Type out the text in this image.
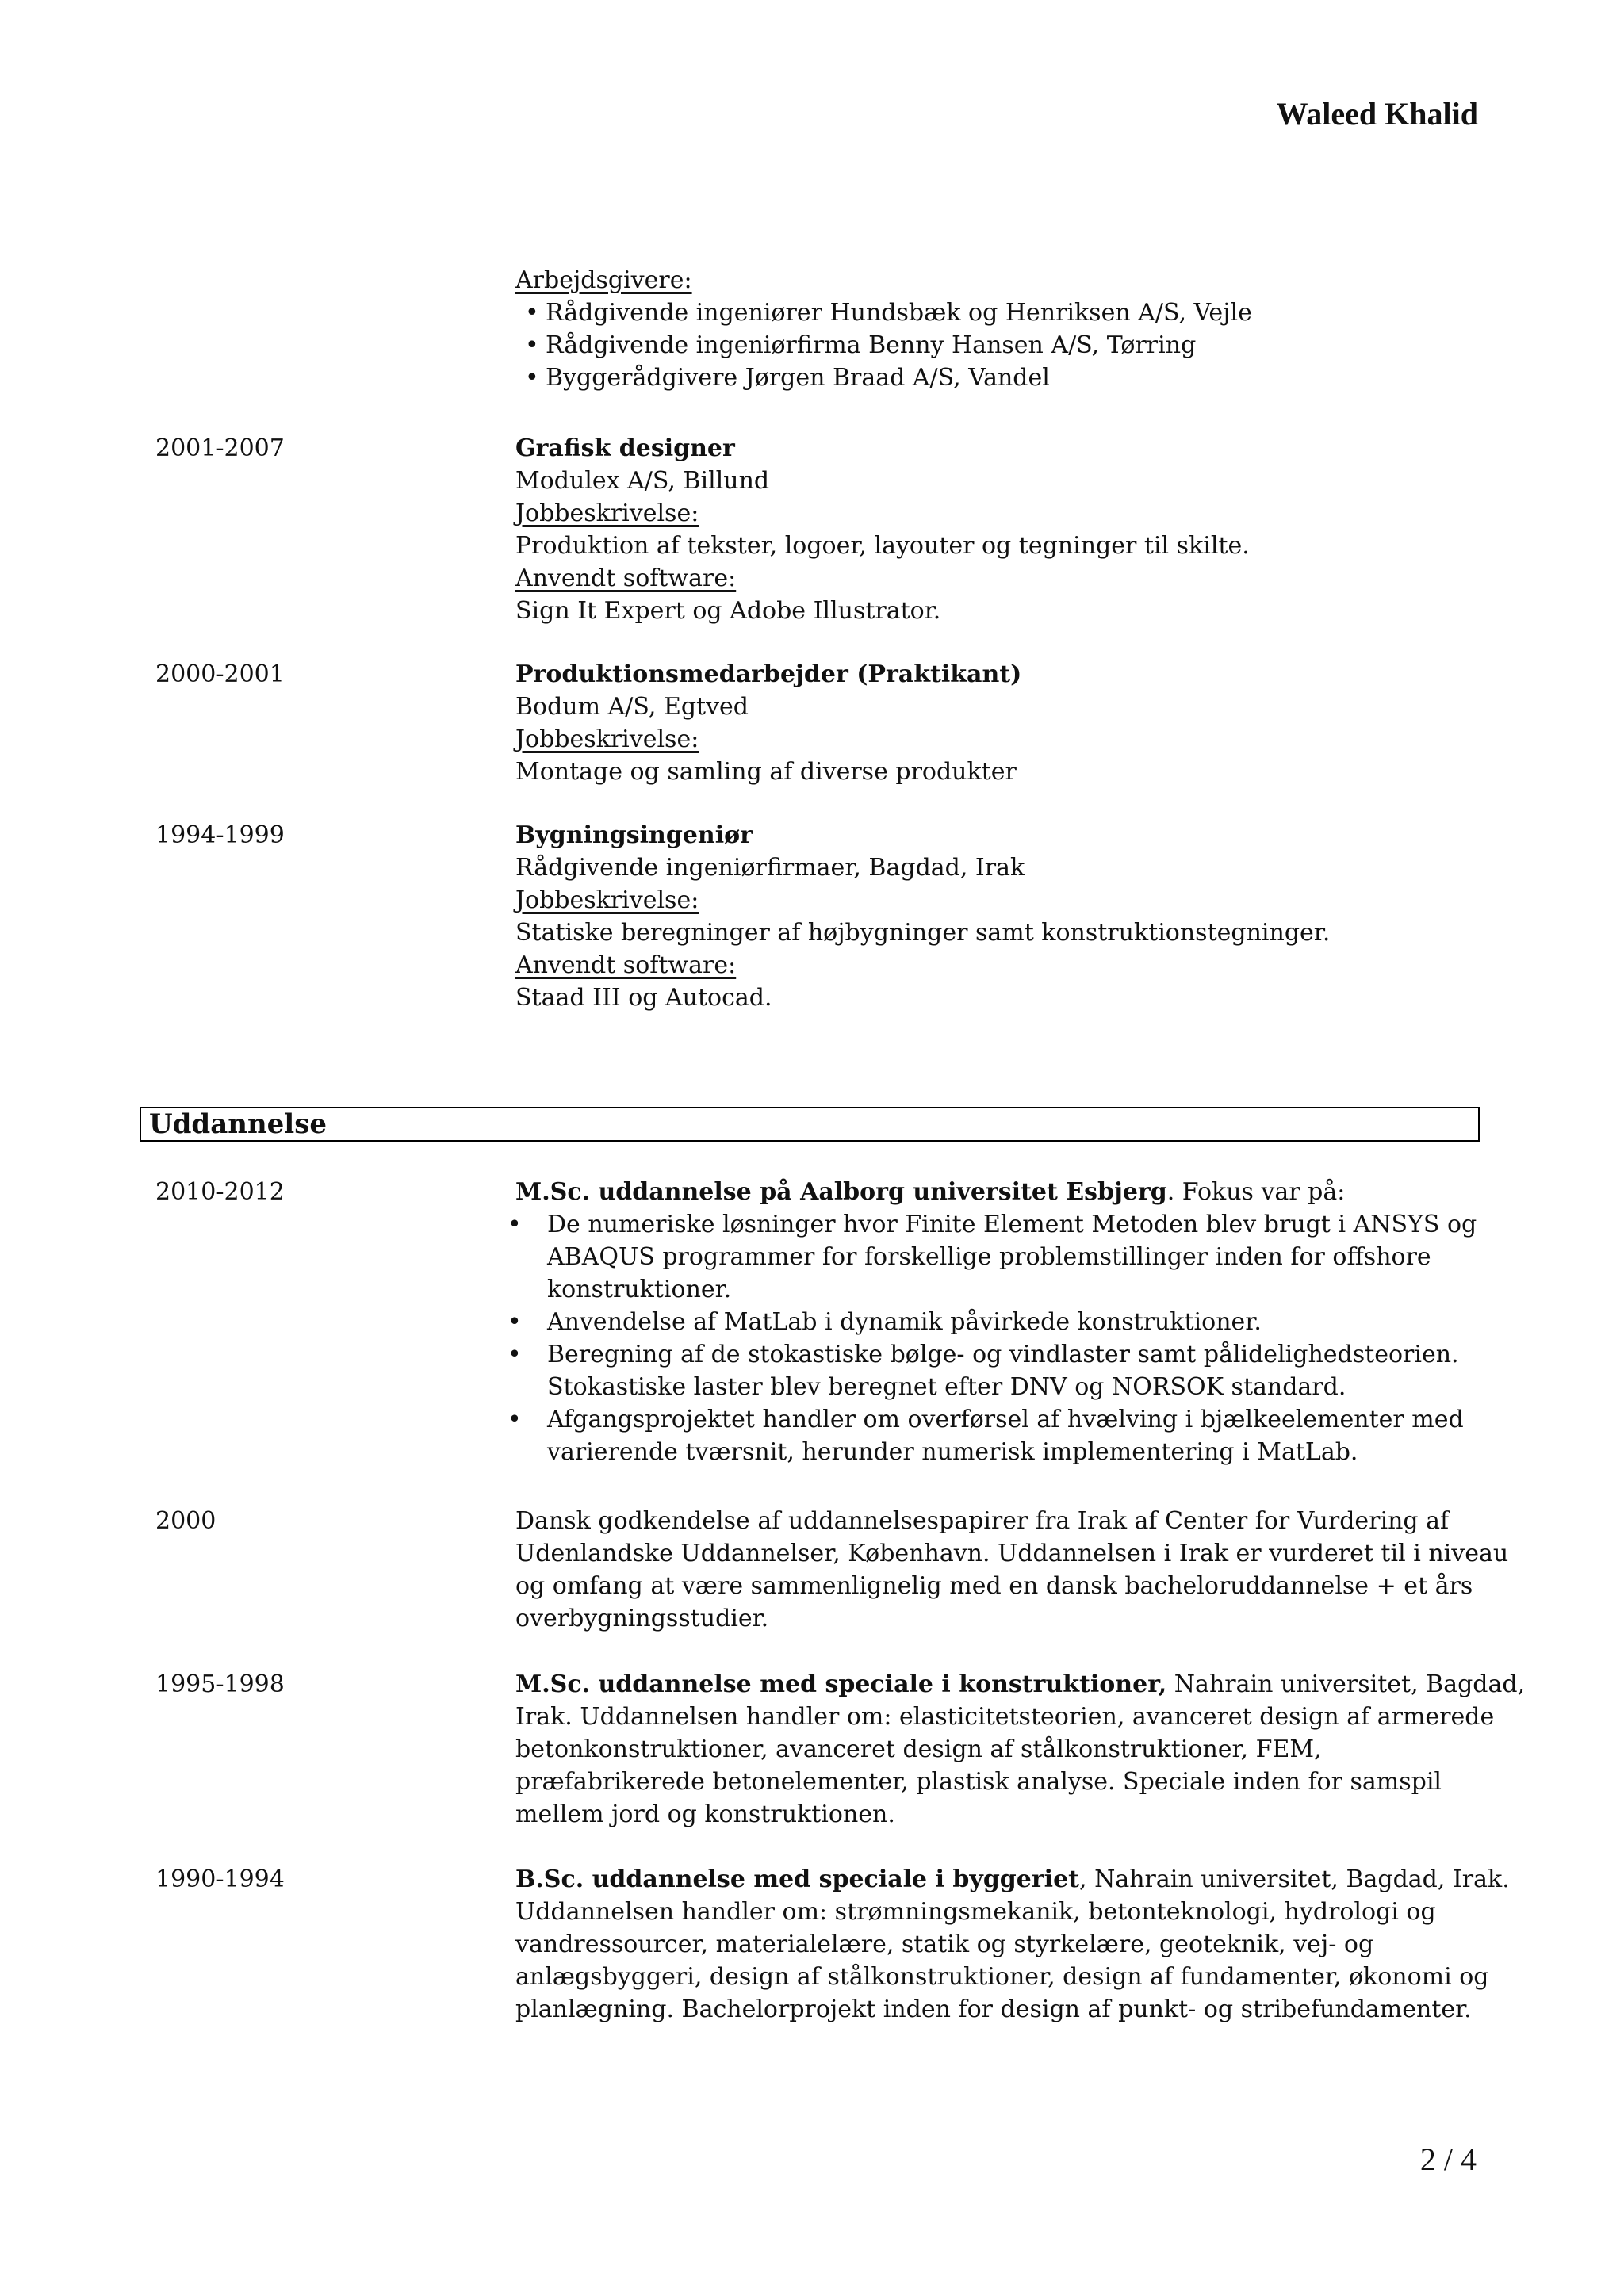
Waleed Khalid
Arbejdsgivere:
• Rådgivende ingeniører Hundsbæk og Henriksen A/S, Vejle
• Rådgivende ingeniørfirma Benny Hansen A/S, Tørring
• Byggerådgivere Jørgen Braad A/S, Vandel
2001-2007	Grafisk designer
Modulex A/S, Billund
Jobbeskrivelse:
Produktion af tekster, logoer, layouter og tegninger til skilte.
Anvendt software:
Sign It Expert og Adobe Illustrator.
2000-2001	Produktionsmedarbejder (Praktikant)
Bodum A/S, Egtved
Jobbeskrivelse:
Montage og samling af diverse produkter
1994-1999	Bygningsingeniør
Rådgivende ingeniørfirmaer, Bagdad, Irak
Jobbeskrivelse:
Statiske beregninger af højbygninger samt konstruktionstegninger.
Anvendt software:
Staad III og Autocad.
Uddannelse
2010-2012	M.Sc. uddannelse på Aalborg universitet Esbjerg. Fokus var på:
• De numeriske løsninger hvor Finite Element Metoden blev brugt i ANSYS og
ABAQUS programmer for forskellige problemstillinger inden for offshore
konstruktioner.
• Anvendelse af MatLab i dynamik påvirkede konstruktioner.
• Beregning af de stokastiske bølge- og vindlaster samt pålidelighedsteorien.
Stokastiske laster blev beregnet efter DNV og NORSOK standard.
• Afgangsprojektet handler om overførsel af hvælving i bjælkeelementer med
varierende tværsnit, herunder numerisk implementering i MatLab.
2000	Dansk godkendelse af uddannelsespapirer fra Irak af Center for Vurdering af
Udenlandske Uddannelser, København. Uddannelsen i Irak er vurderet til i niveau
og omfang at være sammenlignelig med en dansk bacheloruddannelse + et års
overbygningsstudier.
1995-1998	M.Sc. uddannelse med speciale i konstruktioner, Nahrain universitet, Bagdad,
Irak. Uddannelsen handler om: elasticitetsteorien, avanceret design af armerede
betonkonstruktioner, avanceret design af stålkonstruktioner, FEM,
præfabrikerede betonelementer, plastisk analyse. Speciale inden for samspil
mellem jord og konstruktionen.
1990-1994	B.Sc. uddannelse med speciale i byggeriet, Nahrain universitet, Bagdad, Irak.
Uddannelsen handler om: strømningsmekanik, betonteknologi, hydrologi og
vandressourcer, materialelære, statik og styrkelære, geoteknik, vej- og
anlægsbyggeri, design af stålkonstruktioner, design af fundamenter, økonomi og
planlægning. Bachelorprojekt inden for design af punkt- og stribefundamenter.
2 / 4
